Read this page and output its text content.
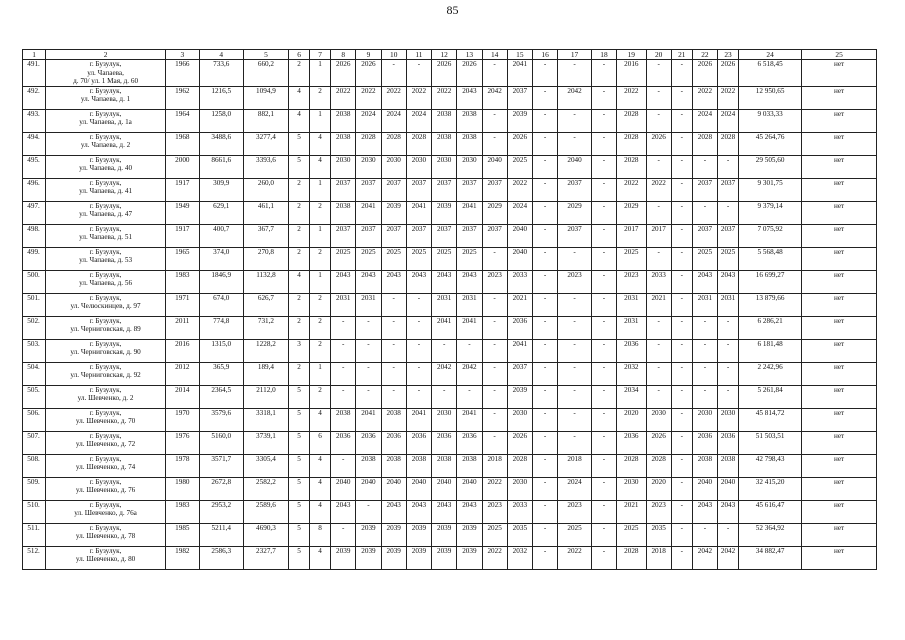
85
1	2	3	4	5	6	7	8	9	10	11	12	13	14	15	16	17	18	19	20	21	22	23	24	25
491.	г. Бузулук,
ул. Чапаева,
д. 70/ ул. 1 Мая, д. 60	1966	733,6	660,2	2	1	2026	2026	-	-	2026	2026	-	2041	-	-	-	2016	-	-	2026	2026	6 518,45	нет
492.	г. Бузулук,
ул. Чапаева, д. 1	1962	1216,5	1094,9	4	2	2022	2022	2022	2022	2022	2043	2042	2037	-	2042	-	2022	-	-	2022	2022	12 950,65	нет
493.	г. Бузулук,
ул. Чапаева, д. 1а	1964	1258,0	882,1	4	1	2038	2024	2024	2024	2038	2038	-	2039	-	-	-	2028	-	-	2024	2024	9 033,33	нет
494.	г. Бузулук,
ул. Чапаева, д. 2	1968	3488,6	3277,4	5	4	2038	2028	2028	2028	2038	2038	-	2026	-	-	-	2028	2026	-	2028	2028	45 264,76	нет
495.	г. Бузулук,
ул. Чапаева, д. 40	2000	8661,6	3393,6	5	4	2030	2030	2030	2030	2030	2030	2040	2025	-	2040	-	2028	-	-	-	-	29 505,60	нет
496.	г. Бузулук,
ул. Чапаева, д. 41	1917	309,9	260,0	2	1	2037	2037	2037	2037	2037	2037	2037	2022	-	2037	-	2022	2022	-	2037	2037	9 301,75	нет
497.	г. Бузулук,
ул. Чапаева, д. 47	1949	629,1	461,1	2	2	2038	2041	2039	2041	2039	2041	2029	2024	-	2029	-	2029	-	-	-	-	9 379,14	нет
498.	г. Бузулук,
ул. Чапаева, д. 51	1917	400,7	367,7	2	1	2037	2037	2037	2037	2037	2037	2037	2040	-	2037	-	2017	2017	-	2037	2037	7 075,92	нет
499.	г. Бузулук,
ул. Чапаева, д. 53	1965	374,0	270,8	2	2	2025	2025	2025	2025	2025	2025	-	2040	-	-	-	2025	-	-	2025	2025	5 568,48	нет
500.	г. Бузулук,
ул. Чапаева, д. 56	1983	1846,9	1132,8	4	1	2043	2043	2043	2043	2043	2043	2023	2033	-	2023	-	2023	2033	-	2043	2043	16 699,27	нет
501.	г. Бузулук,
ул. Челюскинцев, д. 97	1971	674,0	626,7	2	2	2031	2031	-	-	2031	2031	-	2021	-	-	-	2031	2021	-	2031	2031	13 879,66	нет
502.	г. Бузулук,
ул. Черниговская, д. 89	2011	774,8	731,2	2	2	-	-	-	-	2041	2041	-	2036	-	-	-	2031	-	-	-	-	6 286,21	нет
503.	г. Бузулук,
ул. Черниговская, д. 90	2016	1315,0	1228,2	3	2	-	-	-	-	-	-	-	2041	-	-	-	2036	-	-	-	-	6 181,48	нет
504.	г. Бузулук,
ул. Черниговская, д. 92	2012	365,9	189,4	2	1	-	-	-	-	2042	2042	-	2037	-	-	-	2032	-	-	-	-	2 242,96	нет
505.	г. Бузулук,
ул. Шевченко, д. 2	2014	2364,5	2112,0	5	2	-	-	-	-	-	-	-	2039	-	-	-	2034	-	-	-	-	5 261,84	нет
506.	г. Бузулук,
ул. Шевченко, д. 70	1970	3579,6	3318,1	5	4	2038	2041	2038	2041	2030	2041	-	2030	-	-	-	2020	2030	-	2030	2030	45 814,72	нет
507.	г. Бузулук,
ул. Шевченко, д. 72	1976	5160,0	3739,1	5	6	2036	2036	2036	2036	2036	2036	-	2026	-	-	-	2036	2026	-	2036	2036	51 503,51	нет
508.	г. Бузулук,
ул. Шевченко, д. 74	1978	3571,7	3305,4	5	4	-	2038	2038	2038	2038	2038	2018	2028	-	2018	-	2028	2028	-	2038	2038	42 798,43	нет
509.	г. Бузулук,
ул. Шевченко, д. 76	1980	2672,8	2582,2	5	4	2040	2040	2040	2040	2040	2040	2022	2030	-	2024	-	2030	2020	-	2040	2040	32 415,20	нет
510.	г. Бузулук,
ул. Шевченко, д. 76а	1983	2953,2	2589,6	5	4	2043	-	2043	2043	2043	2043	2023	2033	-	2023	-	2021	2023	-	2043	2043	45 616,47	нет
511.	г. Бузулук,
ул. Шевченко, д. 78	1985	5211,4	4690,3	5	8	-	2039	2039	2039	2039	2039	2025	2035	-	2025	-	2025	2035	-	-	-	52 364,92	нет
512.	г. Бузулук,
ул. Шевченко, д. 80	1982	2586,3	2327,7	5	4	2039	2039	2039	2039	2039	2039	2022	2032	-	2022	-	2028	2018	-	2042	2042	34 882,47	нет
